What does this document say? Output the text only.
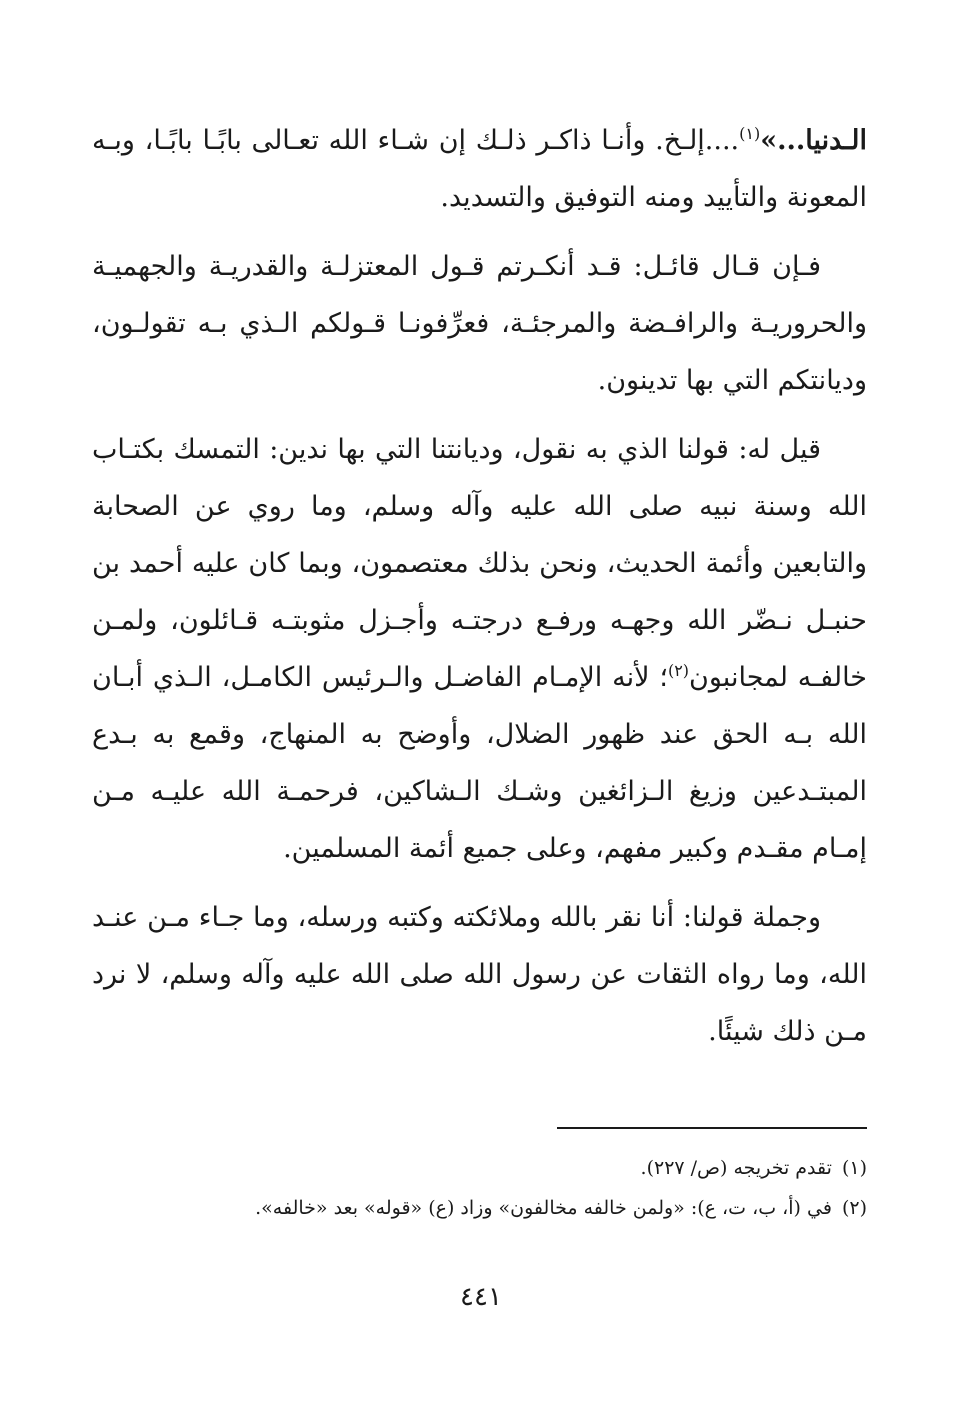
الـدنيا...»$^{(١)}$....إلـخ. وأنـا ذاكـر ذلـك إن شـاء الله تعـالى بابًـا بابًـا، وبـه المعونة والتأييد ومنه التوفيق والتسديد.

فـإن قـال قائـل: قـد أنكـرتم قـول المعتزلـة والقدريـة والجهميـة والحروريـة والرافـضة والمرجئـة، فعرِّفونـا قـولكم الـذي بـه تقولـون، وديانتكم التي بها تدينون.

قيل له: قولنا الذي به نقول، وديانتنا التي بها ندين: التمسك بكتـاب الله وسنة نبيه صلى الله عليه وآله وسلم، وما روي عن الصحابة والتابعين وأئمة الحديث، ونحن بذلك معتصمون، وبما كان عليه أحمد بن حنبـل نـضّر الله وجهـه ورفـع درجتـه وأجـزل مثوبتـه قـائلون، ولمـن خالفـه لمجانبون$^{(٢)}$؛ لأنه الإمـام الفاضـل والـرئيس الكامـل، الـذي أبـان الله بـه الحق عند ظهور الضلال، وأوضح به المنهاج، وقمع به بـدع المبتـدعين وزيغ الـزائغين وشـك الـشاكين، فرحمـة الله عليـه مـن إمـام مقـدم وكبير مفهم، وعلى جميع أئمة المسلمين.

وجملة قولنا: أنا نقر بالله وملائكته وكتبه ورسله، وما جـاء مـن عنـد الله، وما رواه الثقات عن رسول الله صلى الله عليه وآله وسلم، لا نرد مـن ذلك شيئًا.

(١)تقدم تخريجه (ص/ ٢٢٧).
(٢)في (أ، ب، ت، ع): «ولمن خالفه مخالفون» وزاد (ع) «قوله» بعد «خالفه».
٤٤١
